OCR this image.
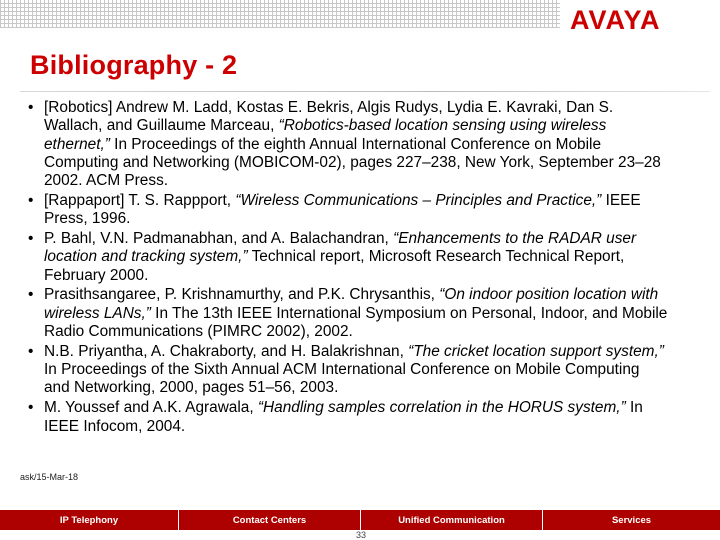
AVAYA
Bibliography - 2
• [Robotics] Andrew M. Ladd, Kostas E. Bekris, Algis Rudys, Lydia E. Kavraki, Dan S. Wallach, and Guillaume Marceau, “Robotics-based location sensing using wireless ethernet,” In Proceedings of the eighth Annual International Conference on Mobile Computing and Networking (MOBICOM-02), pages 227–238, New York, September 23–28 2002. ACM Press.
• [Rappaport] T. S. Rappport, “Wireless Communications – Principles and Practice,” IEEE Press, 1996.
• P. Bahl, V.N. Padmanabhan, and A. Balachandran, “Enhancements to the RADAR user location and tracking system,” Technical report, Microsoft Research Technical Report, February 2000.
• Prasithsangaree, P. Krishnamurthy, and P.K. Chrysanthis, “On indoor position location with wireless LANs,” In The 13th IEEE International Symposium on Personal, Indoor, and Mobile Radio Communications (PIMRC 2002), 2002.
• N.B. Priyantha, A. Chakraborty, and H. Balakrishnan, “The cricket location support system,” In Proceedings of the Sixth Annual ACM International Conference on Mobile Computing and Networking, 2000, pages 51–56, 2003.
• M. Youssef and A.K. Agrawala, “Handling samples correlation in the HORUS system,” In IEEE Infocom, 2004.
ask/15-Mar-18
IP Telephony	Contact Centers	Unified Communication	Services
33
